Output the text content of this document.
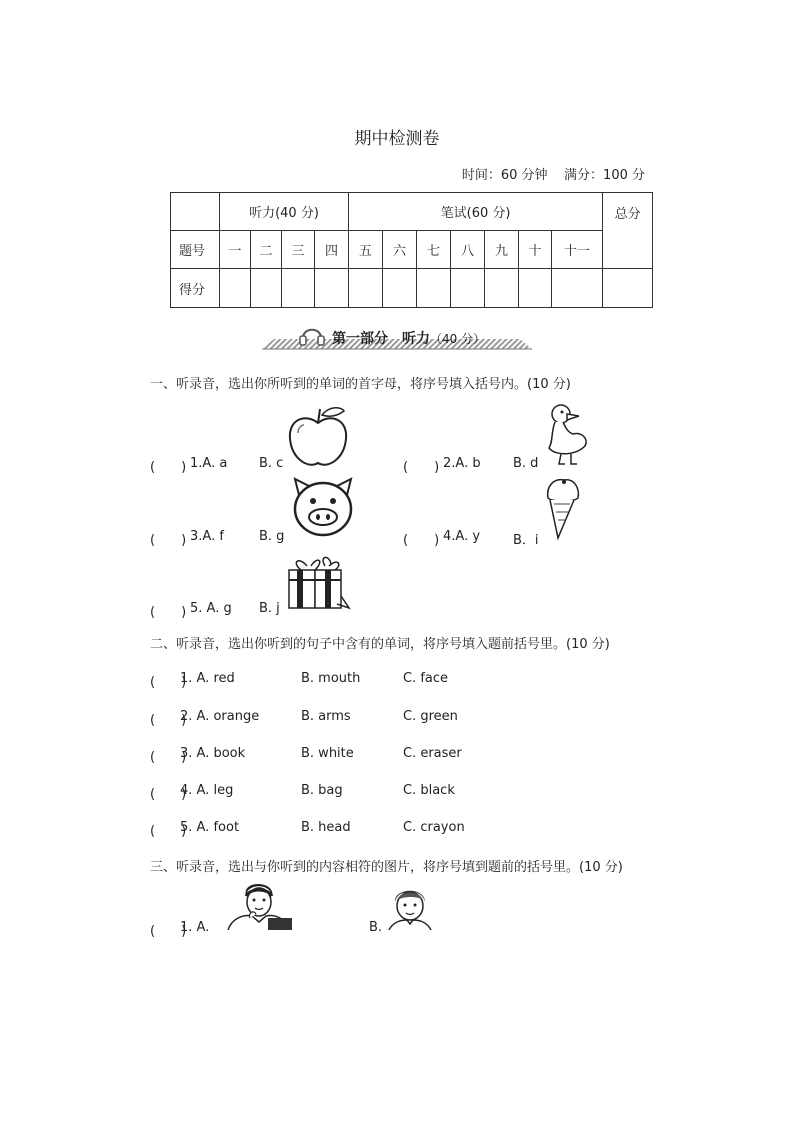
期中检测卷
时间：60 分钟 满分：100 分
	听力(40 分)				笔试(60 分)							总分
题号	一	二	三	四	五	六	七	八	九	十	十一	
得分												
第一部分　听力（40 分）
一、听录音，选出你所听到的单词的首字母，将序号填入括号内。(10 分)
(　　) 1.A. a B. c	(　　) 2.A. b B. d
(　　) 3.A. f	B. g	(　　) 4.A. y	B．i
(　　) 5. A. g B. j
二、听录音，选出你听到的句子中含有的单词，将序号填入题前括号里。(10 分)
(　　)
1. A. red	B. mouth	C. face
(　　)
2. A. orange	B. arms	C. green
(　　)
3. A. book	B. white	C. eraser
(　　)
4. A. leg	B. bag	C. black
(　　)
5. A. foot	B. head	C. crayon
三、听录音，选出与你听到的内容相符的图片，将序号填到题前的括号里。(10 分)
(　　)
1. A.	B.
